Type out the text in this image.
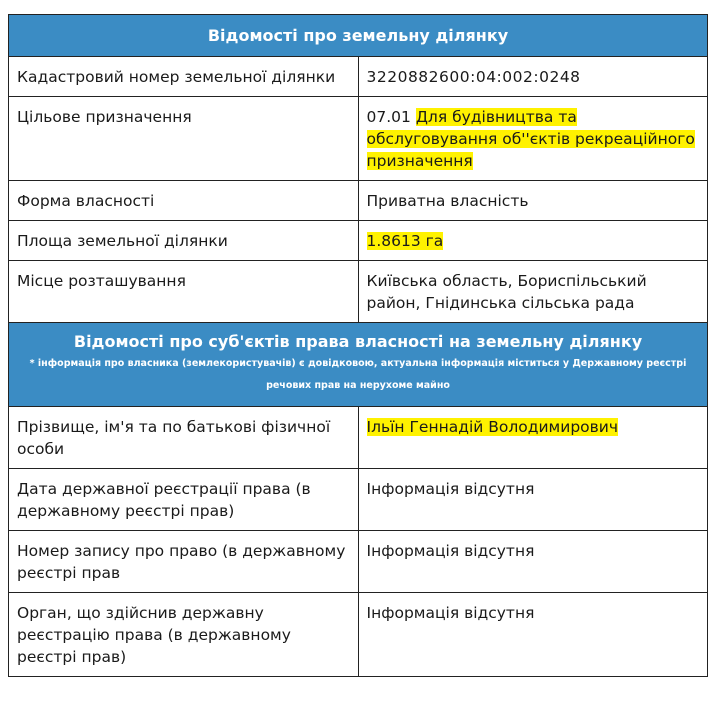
Відомості про земельну ділянку	
Кадастровий номер земельної ділянки	3220882600:04:002:0248
Цільове призначення	07.01 Для будівництва та обслуговування об''єктів рекреаційного призначення
Форма власності	Приватна власність
Площа земельної ділянки	1.8613 га
Місце розташування	Київська область, Бориспільський район, Гнідинська сільська рада

Відомості про суб'єктів права власності на земельну ділянку
* інформація про власника (землекористувачів) є довідковою, актуальна інформація міститься у Державному реєстрі речових прав на нерухоме майно	

Прізвище, ім'я та по батькові фізичної особи	Ільїн Геннадій Володимирович
Дата державної реєстрації права (в державному реєстрі прав)	Інформація відсутня
Номер запису про право (в державному реєстрі прав	Інформація відсутня
Орган, що здійснив державну реєстрацію права (в державному реєстрі прав)	Інформація відсутня
